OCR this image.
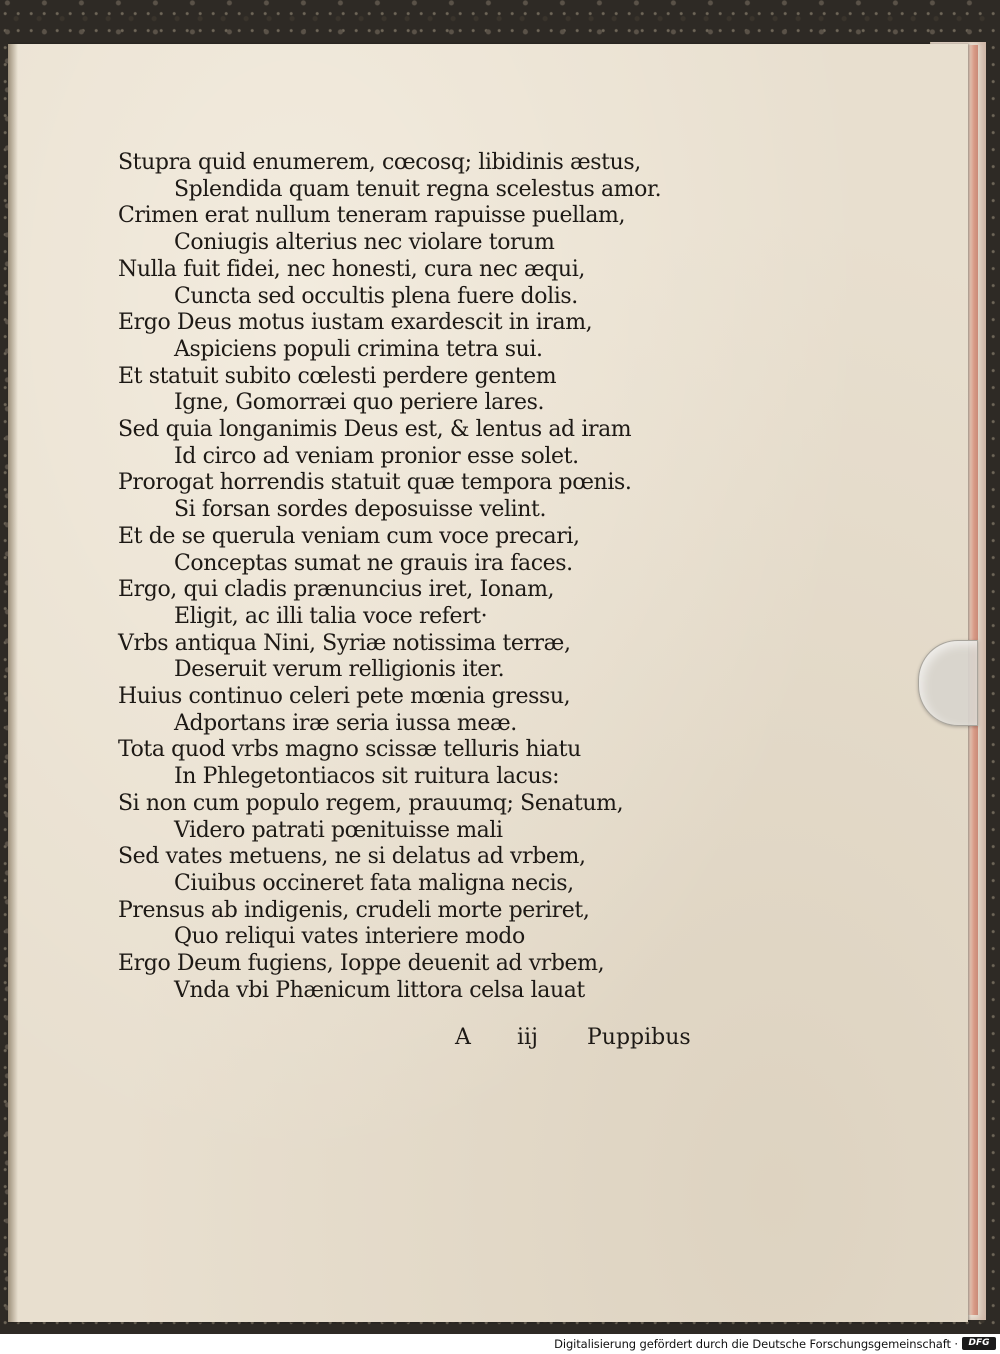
Stupra quid enumerem, cœcosq; libidinis æstus,
Splendida quam tenuit regna scelestus amor.
Crimen erat nullum teneram rapuisse puellam,
Coniugis alterius nec violare torum
Nulla fuit fidei, nec honesti, cura nec æqui,
Cuncta sed occultis plena fuere dolis.
Ergo Deus motus iustam exardescit in iram,
Aspiciens populi crimina tetra sui.
Et statuit subito cœlesti perdere gentem
Igne, Gomorræi quo periere lares.
Sed quia longanimis Deus est, & lentus ad iram
Id circo ad veniam pronior esse solet.
Prorogat horrendis statuit quæ tempora pœnis.
Si forsan sordes deposuisse velint.
Et de se querula veniam cum voce precari,
Conceptas sumat ne grauis ira faces.
Ergo, qui cladis prænuncius iret, Ionam,
Eligit, ac illi talia voce refert·
Vrbs antiqua Nini, Syriæ notissima terræ,
Deseruit verum relligionis iter.
Huius continuo celeri pete mœnia gressu,
Adportans iræ seria iussa meæ.
Tota quod vrbs magno scissæ telluris hiatu
In Phlegetontiacos sit ruitura lacus:
Si non cum populo regem, prauumq; Senatum,
Videro patrati pœnituisse mali
Sed vates metuens, ne si delatus ad vrbem,
Ciuibus occineret fata maligna necis,
Prensus ab indigenis, crudeli morte periret,
Quo reliqui vates interiere modo
Ergo Deum fugiens, Ioppe deuenit ad vrbem,
Vnda vbi Phænicum littora celsa lauat
A iij Puppibus
Digitalisierung gefördert durch die Deutsche Forschungsgemeinschaft ·	DFG
